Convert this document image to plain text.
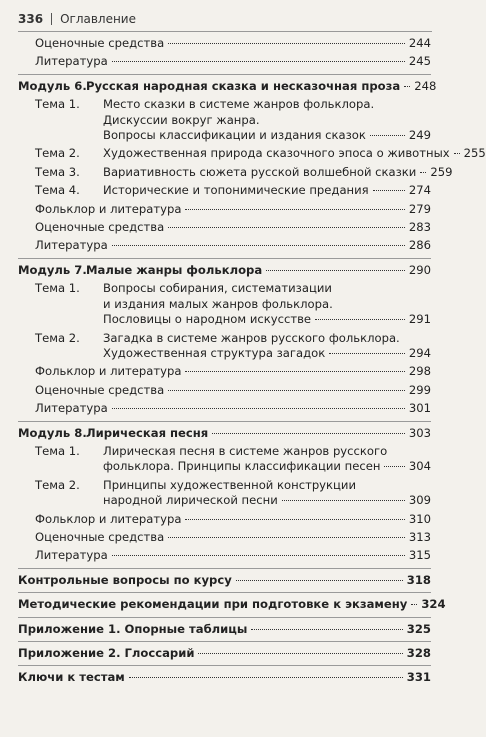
336 Оглавление
Оценочные средства	244
Литература	245
Модуль 6. Русская народная сказка и несказочная проза 248
Тема 1.	Место сказки в системе жанров фольклора.
Дискуссии вокруг жанра.
Вопросы классификации и издания сказок	249
Тема 2.	Художественная природа сказочного эпоса о животных 255
Тема 3.	Вариативность сюжета русской волшебной сказки 259
Тема 4.	Исторические и топонимические предания	274
Фольклор и литература	279
Оценочные средства	283
Литература	286
Модуль 7. Малые жанры фольклора	290
Тема 1.	Вопросы собирания, систематизации
и издания малых жанров фольклора.
Пословицы о народном искусстве	291
Тема 2.	Загадка в системе жанров русского фольклора.
Художественная структура загадок	294
Фольклор и литература	298
Оценочные средства	299
Литература	301
Модуль 8. Лирическая песня	303
Тема 1.	Лирическая песня в системе жанров русского
фольклора. Принципы классификации песен 304
Тема 2.	Принципы художественной конструкции
народной лирической песни	309
Фольклор и литература	310
Оценочные средства	313
Литература	315
Контрольные вопросы по курсу	318
Методические рекомендации при подготовке к экзамену 324
Приложение 1. Опорные таблицы	325
Приложение 2. Глоссарий	328
Ключи к тестам	331
